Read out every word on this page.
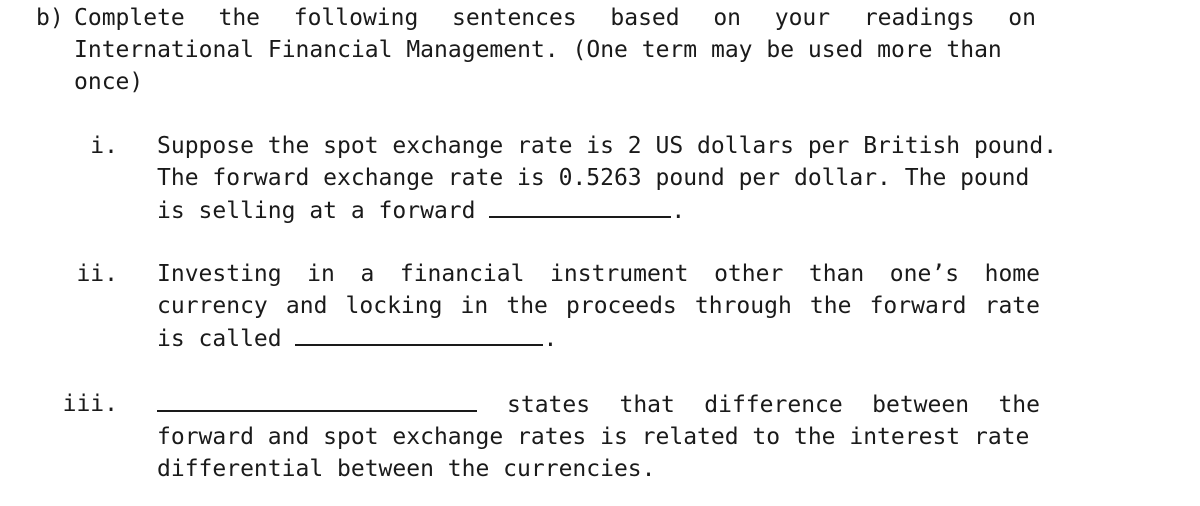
b) Complete the following sentences based on your readings on
International Financial Management. (One term may be used more than
once)
i. Suppose the spot exchange rate is 2 US dollars per British pound.
The forward exchange rate is 0.5263 pound per dollar. The pound
is selling at a forward	.
ii. Investing in a financial instrument other than one’s home
currency and locking in the proceeds through the forward rate
is called	.
iii.	states that difference between the
forward and spot exchange rates is related to the interest rate
differential between the currencies.
